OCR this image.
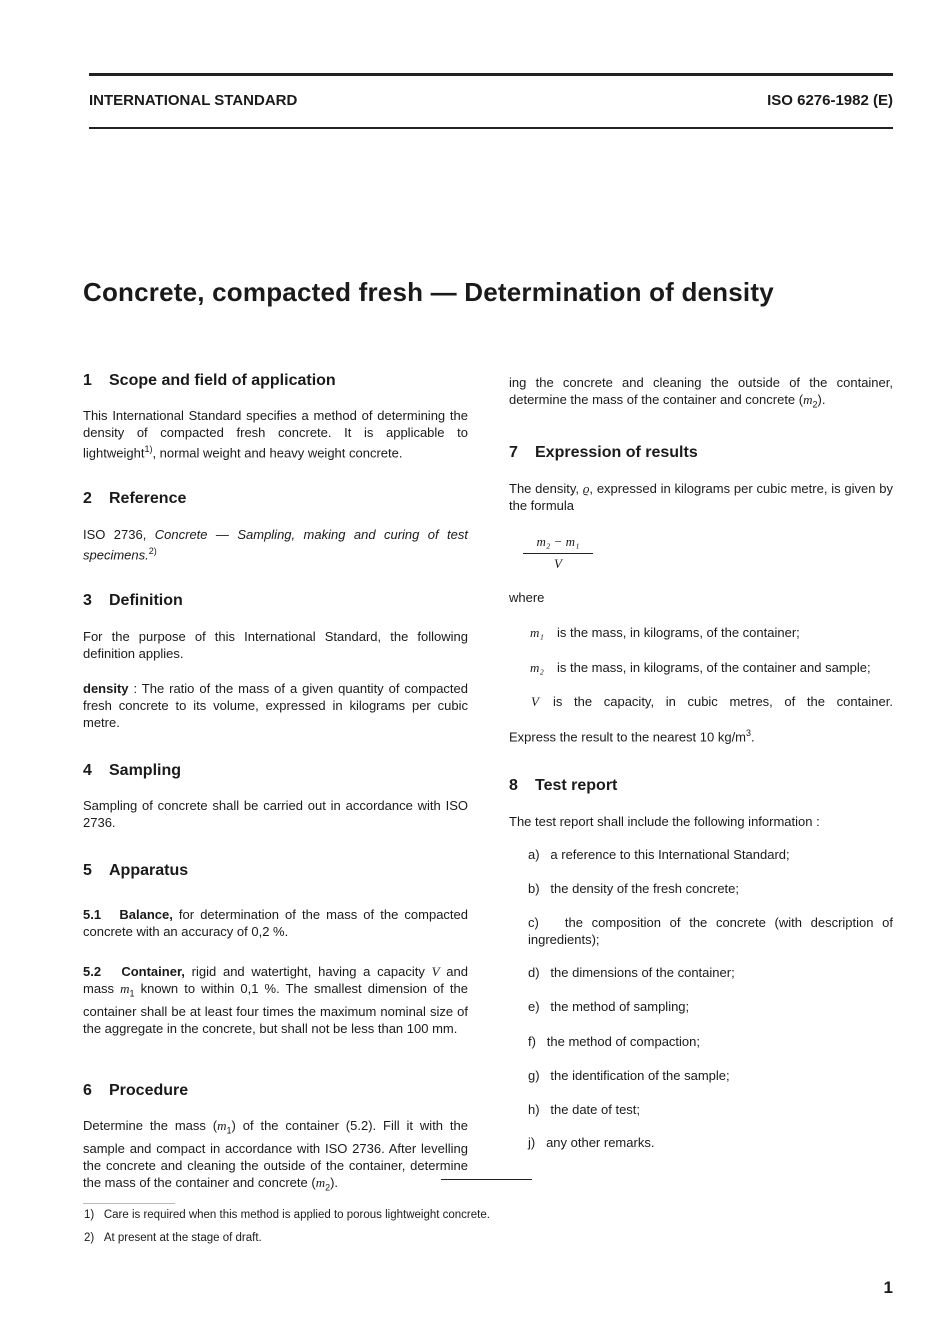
INTERNATIONAL STANDARD	ISO 6276-1982 (E)
Concrete, compacted fresh — Determination of density
1 Scope and field of application
This International Standard specifies a method of determining the density of compacted fresh concrete. It is applicable to lightweight$^{1)}$, normal weight and heavy weight concrete.
2 Reference
ISO 2736, Concrete — Sampling, making and curing of test specimens.$^{2)}$
3 Definition
For the purpose of this International Standard, the following definition applies.
density : The ratio of the mass of a given quantity of compacted fresh concrete to its volume, expressed in kilograms per cubic metre.
4 Sampling
Sampling of concrete shall be carried out in accordance with ISO 2736.
5 Apparatus
5.1 Balance, for determination of the mass of the compacted concrete with an accuracy of 0,2 %.
5.2 Container, rigid and watertight, having a capacity V and mass $m_1$ known to within 0,1 %. The smallest dimension of the container shall be at least four times the maximum nominal size of the aggregate in the concrete, but shall not be less than 100 mm.
6 Procedure
Determine the mass $(m_1)$ of the container (5.2). Fill it with the sample and compact in accordance with ISO 2736. After levelling the concrete and cleaning the outside of the container, determine the mass of the container and concrete $(m_2)$.
ing the concrete and cleaning the outside of the container, determine the mass of the container and concrete $(m_2)$.
7 Expression of results
The density, ϱ, expressed in kilograms per cubic metre, is given by the formula
m₂ − m₁
V
where
m₁ is the mass, in kilograms, of the container;
m₂ is the mass, in kilograms, of the container and sample;
V is the capacity, in cubic metres, of the container.
Express the result to the nearest 10 $kg/m^3$.
8 Test report
The test report shall include the following information :
a) a reference to this International Standard;
b) the density of the fresh concrete;
c) the composition of the concrete (with description of ingredients);
d) the dimensions of the container;
e) the method of sampling;
f) the method of compaction;
g) the identification of the sample;
h) the date of test;
j) any other remarks.
1) Care is required when this method is applied to porous lightweight concrete.
2) At present at the stage of draft.
1
